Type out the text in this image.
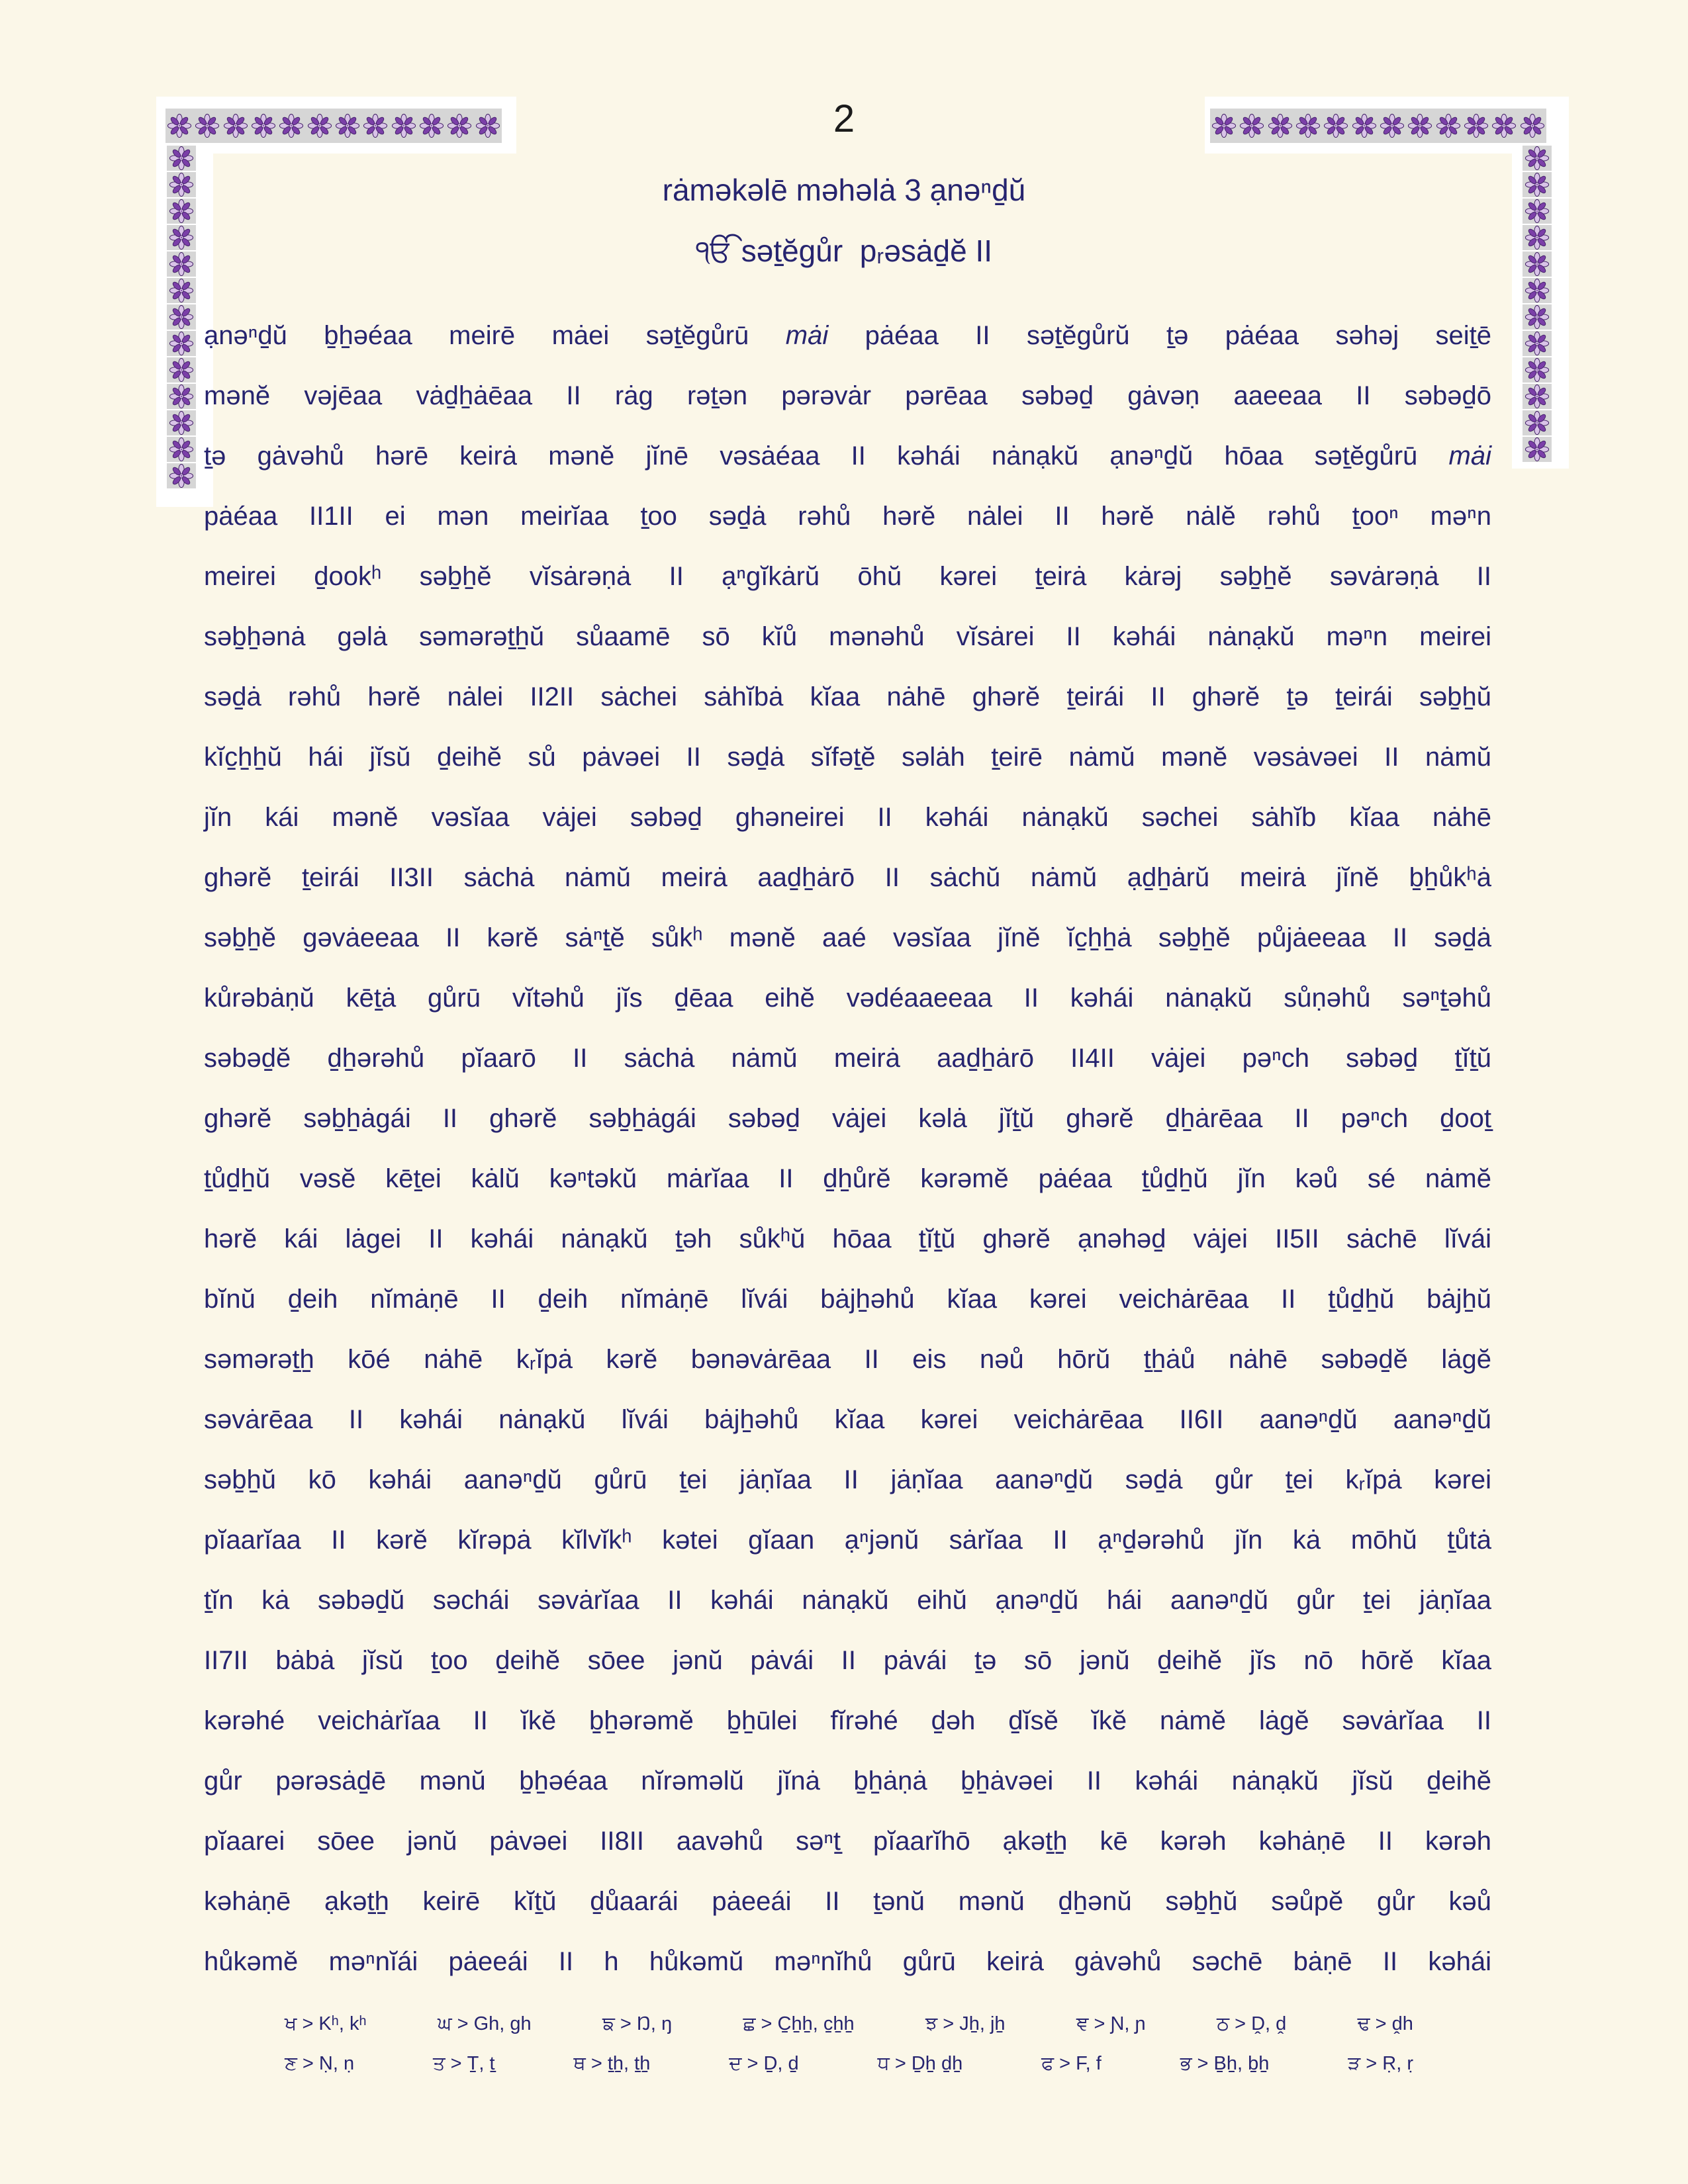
2
rȧməkəlē məhəlȧ 3 ạnəⁿd̠ŭ
ੴ sət̠ĕgůr  pᵣəsȧd̠ĕ II
ạnəⁿd̠ŭ b̠h̠əéaa meirē mȧei sət̠ĕgůrū mȧi pȧéaa II sət̠ĕgůrŭ t̠ə pȧéaa səhəj seit̠ē
mənĕ vəjēaa vȧd̠h̠ȧēaa II rȧg rət̠ən pərəvȧr pərēaa səbəd̠ gȧvəṇ aaeeaa II səbəd̠ō
t̠ə gȧvəhů hərē keirȧ mənĕ jĭnē vəsȧéaa II kəhái nȧnạkŭ ạnəⁿd̠ŭ hōaa sət̠ĕgůrū mȧi
pȧéaa II1II ei mən meirĭaa t̠oo səd̠ȧ rəhů hərĕ nȧlei II hərĕ nȧlĕ rəhů t̠ooⁿ məⁿn
meirei d̠ookʰ səb̠h̠ĕ vĭsȧrəṇȧ II ạⁿgĭkȧrŭ ōhŭ kərei t̠eirȧ kȧrəj səb̠h̠ĕ səvȧrəṇȧ II
səb̠h̠ənȧ gəlȧ səmərət̠h̠ŭ sůaamē sō kĭů mənəhů vĭsȧrei II kəhái nȧnạkŭ məⁿn meirei
səd̠ȧ rəhů hərĕ nȧlei II2II sȧchei sȧhĭbȧ kĭaa nȧhē ghərĕ t̠eirái II ghərĕ t̠ə t̠eirái səb̠h̠ŭ
kĭc̠h̠h̠ŭ hái jĭsŭ d̠eihĕ sů pȧvəei II səd̠ȧ sĭfət̠ĕ səlȧh t̠eirē nȧmŭ mənĕ vəsȧvəei II nȧmŭ
jĭn kái mənĕ vəsĭaa vȧjei səbəd̠ ghəneirei II kəhái nȧnạkŭ səchei sȧhĭb kĭaa nȧhē
ghərĕ t̠eirái II3II sȧchȧ nȧmŭ meirȧ aad̠h̠ȧrō II sȧchŭ nȧmŭ ạd̠h̠ȧrŭ meirȧ jĭnĕ b̠h̠ůkʰȧ
səb̠h̠ĕ gəvȧeeaa II kərĕ sȧⁿt̠ĕ sůkʰ mənĕ aaé vəsĭaa jĭnĕ ĭc̠h̠h̠ȧ səb̠h̠ĕ půjȧeeaa II səd̠ȧ
kůrəbȧṇŭ kēt̠ȧ gůrū vĭtəhů jĭs d̠ēaa eihĕ vədéaaeeaa II kəhái nȧnạkŭ sůṇəhů səⁿt̠əhů
səbəd̠ĕ d̠h̠ərəhů pĭaarō II sȧchȧ nȧmŭ meirȧ aad̠h̠ȧrō II4II vȧjei pəⁿch səbəd̠ t̠ĭt̠ŭ
ghərĕ səb̠h̠ȧgái II ghərĕ səb̠h̠ȧgái səbəd̠ vȧjei kəlȧ jĭt̠ŭ ghərĕ d̠h̠ȧrēaa II pəⁿch d̠oot̠
t̠ůd̠h̠ŭ vəsĕ kēt̠ei kȧlŭ kəⁿtəkŭ mȧrĭaa II d̠h̠ůrĕ kərəmĕ pȧéaa t̠ůd̠h̠ŭ jĭn kəů sé nȧmĕ
hərĕ kái lȧgei II kəhái nȧnạkŭ t̠əh sůkʰŭ hōaa t̠ĭt̠ŭ ghərĕ ạnəhəd̠ vȧjei II5II sȧchē lĭvái
bĭnŭ d̠eih nĭmȧṇē II d̠eih nĭmȧṇē lĭvái bȧjh̠əhů kĭaa kərei veichȧrēaa II t̠ůd̠h̠ŭ bȧjh̠ŭ
səmərət̠h̠ kōé nȧhē kᵣĭpȧ kərĕ bənəvȧrēaa II eis nəů hōrŭ t̠h̠ȧů nȧhē səbəd̠ĕ lȧgĕ
səvȧrēaa II kəhái nȧnạkŭ lĭvái bȧjh̠əhů kĭaa kərei veichȧrēaa II6II aanəⁿd̠ŭ aanəⁿd̠ŭ
səb̠h̠ŭ kō kəhái aanəⁿd̠ŭ gůrū t̠ei jȧṇĭaa II jȧṇĭaa aanəⁿd̠ŭ səd̠ȧ gůr t̠ei kᵣĭpȧ kərei
pĭaarĭaa II kərĕ kĭrəpȧ kĭlvĭkʰ kətei gĭaan ạⁿjənŭ sȧrĭaa II ạⁿd̠ərəhů jĭn kȧ mōhŭ t̠ůtȧ
t̠ĭn kȧ səbəd̠ŭ səchái səvȧrĭaa II kəhái nȧnạkŭ eihŭ ạnəⁿd̠ŭ hái aanəⁿd̠ŭ gůr t̠ei jȧṇĭaa
II7II bȧbȧ jĭsŭ t̠oo d̠eihĕ sōee jənŭ pȧvái II pȧvái t̠ə sō jənŭ d̠eihĕ jĭs nō hōrĕ kĭaa
kərəhé veichȧrĭaa II ĭkĕ b̠h̠ərəmĕ b̠h̠ūlei fĭrəhé d̠əh d̠ĭsĕ ĭkĕ nȧmĕ lȧgĕ səvȧrĭaa II
gůr pərəsȧd̠ē mənŭ b̠h̠əéaa nĭrəməlŭ jĭnȧ b̠h̠ȧṇȧ b̠h̠ȧvəei II kəhái nȧnạkŭ jĭsŭ d̠eihĕ
pĭaarei sōee jənŭ pȧvəei II8II aavəhů səⁿt̠ pĭaarĭhō ạkət̠h̠ kē kərəh kəhȧṇē II kərəh
kəhȧṇē ạkət̠h̠ keirē kĭt̠ŭ d̠ůaarái pȧeeái II t̠ənŭ mənŭ d̠h̠ənŭ səb̠h̠ŭ səůpĕ gůr kəů
hůkəmĕ məⁿnĭái pȧeeái II h hůkəmŭ məⁿnĭhů gůrū keirȧ gȧvəhů səchē bȧṇē II kəhái
ਖ > Kʰ, kʰ	ਘ > Gh, gh	ਙ > Ŋ, ŋ	ਛ > C̠h̠h̠, c̠h̠h̠	ਝ > Jh̠, jh̠	ਞ > Ɲ, ɲ	ਠ > Ḓ, ḓ	ਢ > ḓh
ਣ > Ṇ, ṇ	ਤ > T̠, t̠	ਥ > t̠h̠, t̠h̠	ਦ > D̠, d̠	ਧ > D̠h̠ d̠h̠	ਫ > F, f	ਭ > B̠h̠, b̠h̠	ੜ > Ṛ, ṛ
